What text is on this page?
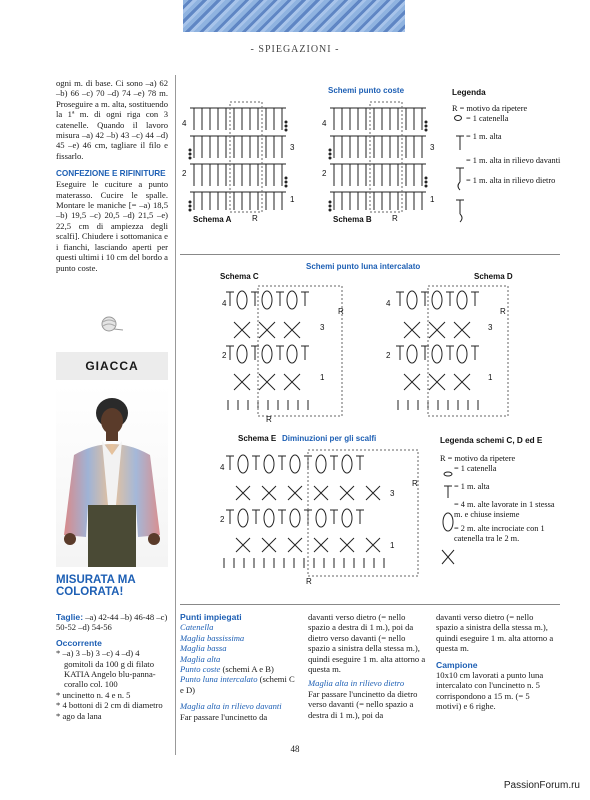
- SPIEGAZIONI -
ogni m. di base. Ci sono –a) 62 –b) 66 –c) 70 –d) 74 –e) 78 m. Proseguire a m. alta, sostituendo la 1ª m. di ogni riga con 3 catenelle. Quando il lavoro misura –a) 42 –b) 43 –c) 44 –d) 45 –e) 46 cm, tagliare il filo e fissarlo.
CONFEZIONE E RIFINITURE
Eseguire le cuciture a punto materasso. Cucire le spalle. Montare le maniche [= –a) 18,5 –b) 19,5 –c) 20,5 –d) 21,5 –e) 22,5 cm di ampiezza degli scalfi]. Chiudere i sottomanica e i fianchi, lasciando aperti per questi ultimi i 10 cm del bordo a punto coste.
GIACCA
MISURATA MA COLORATA!
Taglie: –a) 42-44 –b) 46-48 –c) 50-52 –d) 54-56
Occorrente
* –a) 3 –b) 3 –c) 4 –d) 4 gomitoli da 100 g di filato KATIA Angelo blu-panna-corallo col. 100
* uncinetto n. 4 e n. 5
* 4 bottoni di 2 cm di diametro
* ago da lana
Schemi punto coste
4
3
2
1
4
3
2
1
R	R
Schema A	Schema B
Legenda
R = motivo da ripetere
= 1 catenella
= 1 m. alta
= 1 m. alta in rilievo davanti
= 1 m. alta in rilievo dietro
Schemi punto luna intercalato
Schema C	Schema D
4
3
2
1
R
R
4
3
2
1
R
Schema E Diminuzioni per gli scalfi
4
3
2
1
R
R
Legenda schemi C, D ed E
R = motivo da ripetere
= 1 catenella
= 1 m. alta
= 4 m. alte lavorate in 1 stessa m. e chiuse insieme
= 2 m. alte incrociate con 1 catenella tra le 2 m.
Punti impiegati
Catenella
Maglia bassissima
Maglia bassa
Maglia alta
Punto coste (schemi A e B)
Punto luna intercalato (schemi C e D)
Maglia alta in rilievo davanti
Far passare l'uncinetto da
davanti verso dietro (= nello spazio a destra di 1 m.), poi da dietro verso davanti (= nello spazio a sinistra della stessa m.), quindi eseguire 1 m. alta attorno a questa m.
Maglia alta in rilievo dietro
Far passare l'uncinetto da dietro verso davanti (= nello spazio a destra di 1 m.), poi da
davanti verso dietro (= nello spazio a sinistra della stessa m.), quindi eseguire 1 m. alta attorno a questa m.
Campione
10x10 cm lavorati a punto luna intercalato con l'uncinetto n. 5 corrispondono a 15 m. (= 5 motivi) e 6 righe.
48
PassionForum.ru
